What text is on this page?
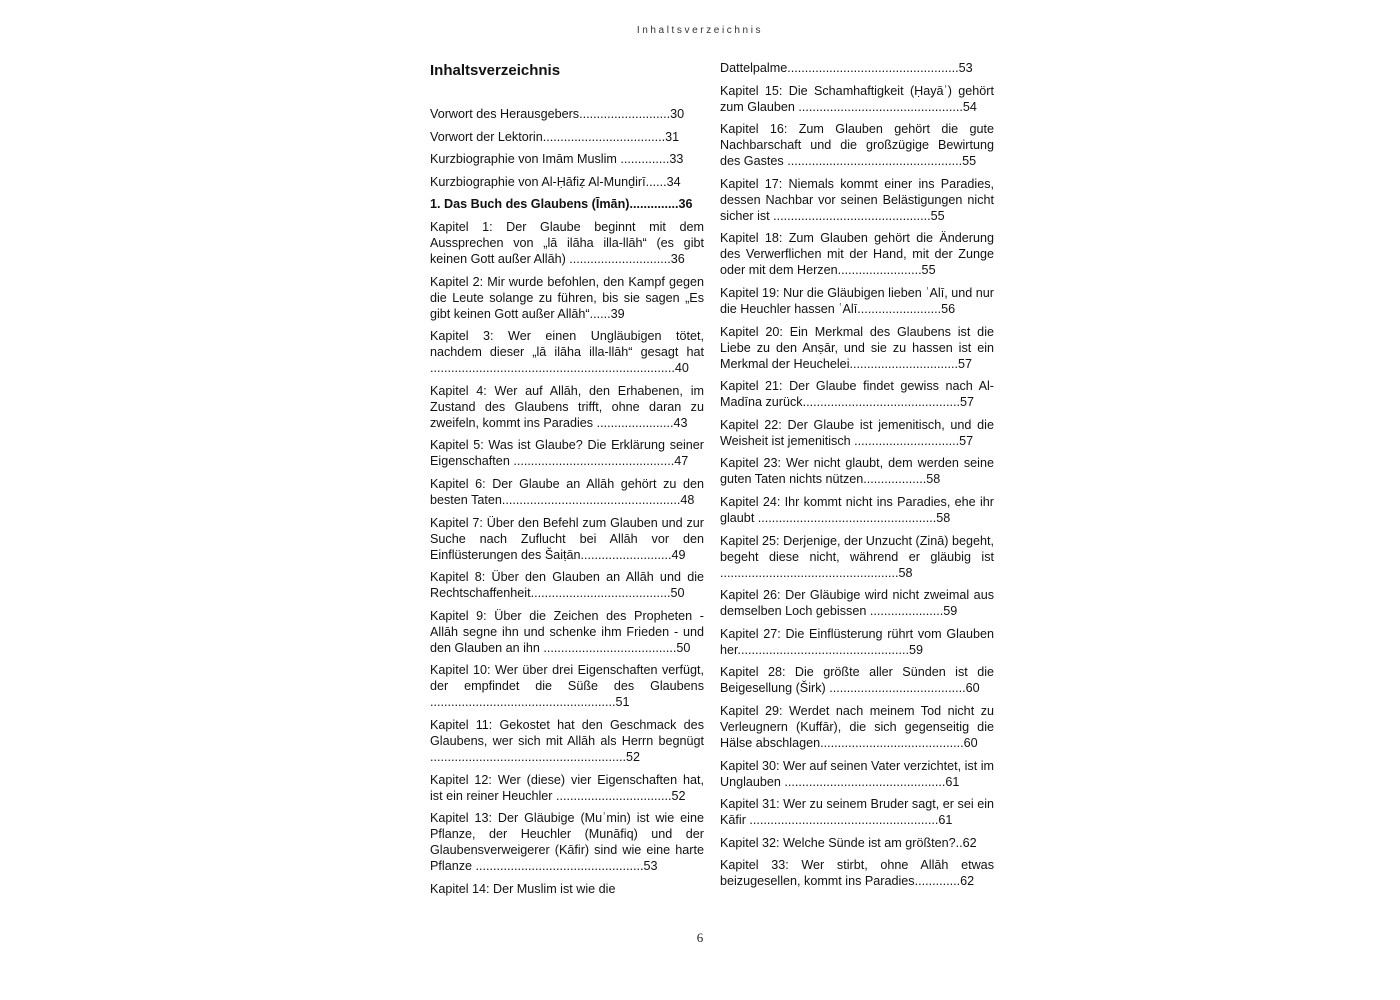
Inhaltsverzeichnis
Inhaltsverzeichnis
Vorwort des Herausgebers..........................30
Vorwort der Lektorin...................................31
Kurzbiographie von Imām Muslim ..............33
Kurzbiographie von Al-Ḥāfiẓ Al-Munḏirī......34
1. Das Buch des Glaubens (Īmān)..............36
Kapitel 1: Der Glaube beginnt mit dem Aussprechen von „lā ilāha illa-llāh“ (es gibt keinen Gott außer Allāh) .............................36
Kapitel 2: Mir wurde befohlen, den Kampf gegen die Leute solange zu führen, bis sie sagen „Es gibt keinen Gott außer Allāh“......39
Kapitel 3: Wer einen Ungläubigen tötet, nachdem dieser „lā ilāha illa-llāh“ gesagt hat ......................................................................40
Kapitel 4: Wer auf Allāh, den Erhabenen, im Zustand des Glaubens trifft, ohne daran zu zweifeln, kommt ins Paradies ......................43
Kapitel 5: Was ist Glaube? Die Erklärung seiner Eigenschaften ..............................................47
Kapitel 6: Der Glaube an Allāh gehört zu den besten Taten...................................................48
Kapitel 7: Über den Befehl zum Glauben und zur Suche nach Zuflucht bei Allāh vor den Einflüsterungen des Šaiṭān..........................49
Kapitel 8: Über den Glauben an Allāh und die Rechtschaffenheit........................................50
Kapitel 9: Über die Zeichen des Propheten - Allāh segne ihn und schenke ihm Frieden - und den Glauben an ihn ......................................50
Kapitel 10: Wer über drei Eigenschaften verfügt, der empfindet die Süße des Glaubens .....................................................51
Kapitel 11: Gekostet hat den Geschmack des Glaubens, wer sich mit Allāh als Herrn begnügt ........................................................52
Kapitel 12: Wer (diese) vier Eigenschaften hat, ist ein reiner Heuchler .................................52
Kapitel 13: Der Gläubige (Muʾmin) ist wie eine Pflanze, der Heuchler (Munāfiq) und der Glaubensverweigerer (Kāfir) sind wie eine harte Pflanze ................................................53
Kapitel 14: Der Muslim ist wie die
Dattelpalme.................................................53
Kapitel 15: Die Schamhaftigkeit (Ḥayāʾ) gehört zum Glauben ...............................................54
Kapitel 16: Zum Glauben gehört die gute Nachbarschaft und die großzügige Bewirtung des Gastes ..................................................55
Kapitel 17: Niemals kommt einer ins Paradies, dessen Nachbar vor seinen Belästigungen nicht sicher ist .............................................55
Kapitel 18: Zum Glauben gehört die Änderung des Verwerflichen mit der Hand, mit der Zunge oder mit dem Herzen........................55
Kapitel 19: Nur die Gläubigen lieben ʿAlī, und nur die Heuchler hassen ʿAlī........................56
Kapitel 20: Ein Merkmal des Glaubens ist die Liebe zu den Anṣār, und sie zu hassen ist ein Merkmal der Heuchelei...............................57
Kapitel 21: Der Glaube findet gewiss nach Al-Madīna zurück.............................................57
Kapitel 22: Der Glaube ist jemenitisch, und die Weisheit ist jemenitisch ..............................57
Kapitel 23: Wer nicht glaubt, dem werden seine guten Taten nichts nützen..................58
Kapitel 24: Ihr kommt nicht ins Paradies, ehe ihr glaubt ...................................................58
Kapitel 25: Derjenige, der Unzucht (Zinā) begeht, begeht diese nicht, während er gläubig ist ...................................................58
Kapitel 26: Der Gläubige wird nicht zweimal aus demselben Loch gebissen .....................59
Kapitel 27: Die Einflüsterung rührt vom Glauben her.................................................59
Kapitel 28: Die größte aller Sünden ist die Beigesellung (Širk) .......................................60
Kapitel 29: Werdet nach meinem Tod nicht zu Verleugnern (Kuffār), die sich gegenseitig die Hälse abschlagen.........................................60
Kapitel 30: Wer auf seinen Vater verzichtet, ist im Unglauben ..............................................61
Kapitel 31: Wer zu seinem Bruder sagt, er sei ein Kāfir ......................................................61
Kapitel 32: Welche Sünde ist am größten?..62
Kapitel 33: Wer stirbt, ohne Allāh etwas beizugesellen, kommt ins Paradies.............62
6
